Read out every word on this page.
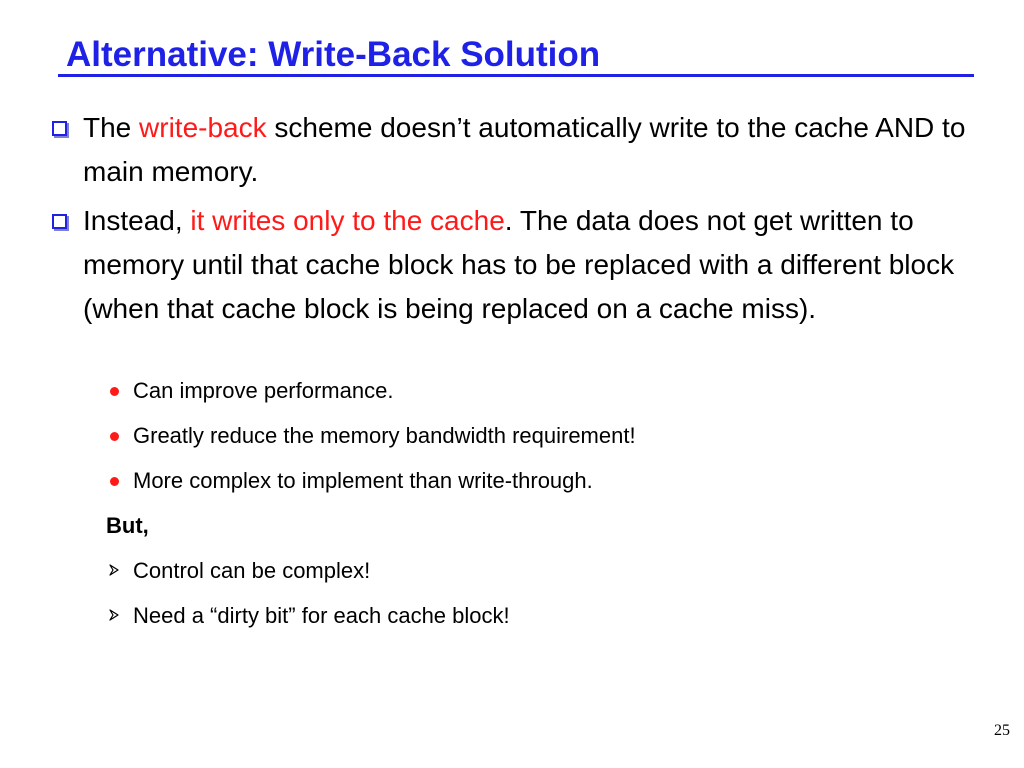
Alternative: Write-Back Solution
The write-back scheme doesn’t automatically write to the cache AND to main memory.
Instead, it writes only to the cache. The data does not get written to memory until that cache block has to be replaced with a different block (when that cache block is being replaced on a cache miss).
Can improve performance.
Greatly reduce the memory bandwidth requirement!
More complex to implement than write-through.
But,
Control can be complex!
Need a “dirty bit” for each cache block!
25
